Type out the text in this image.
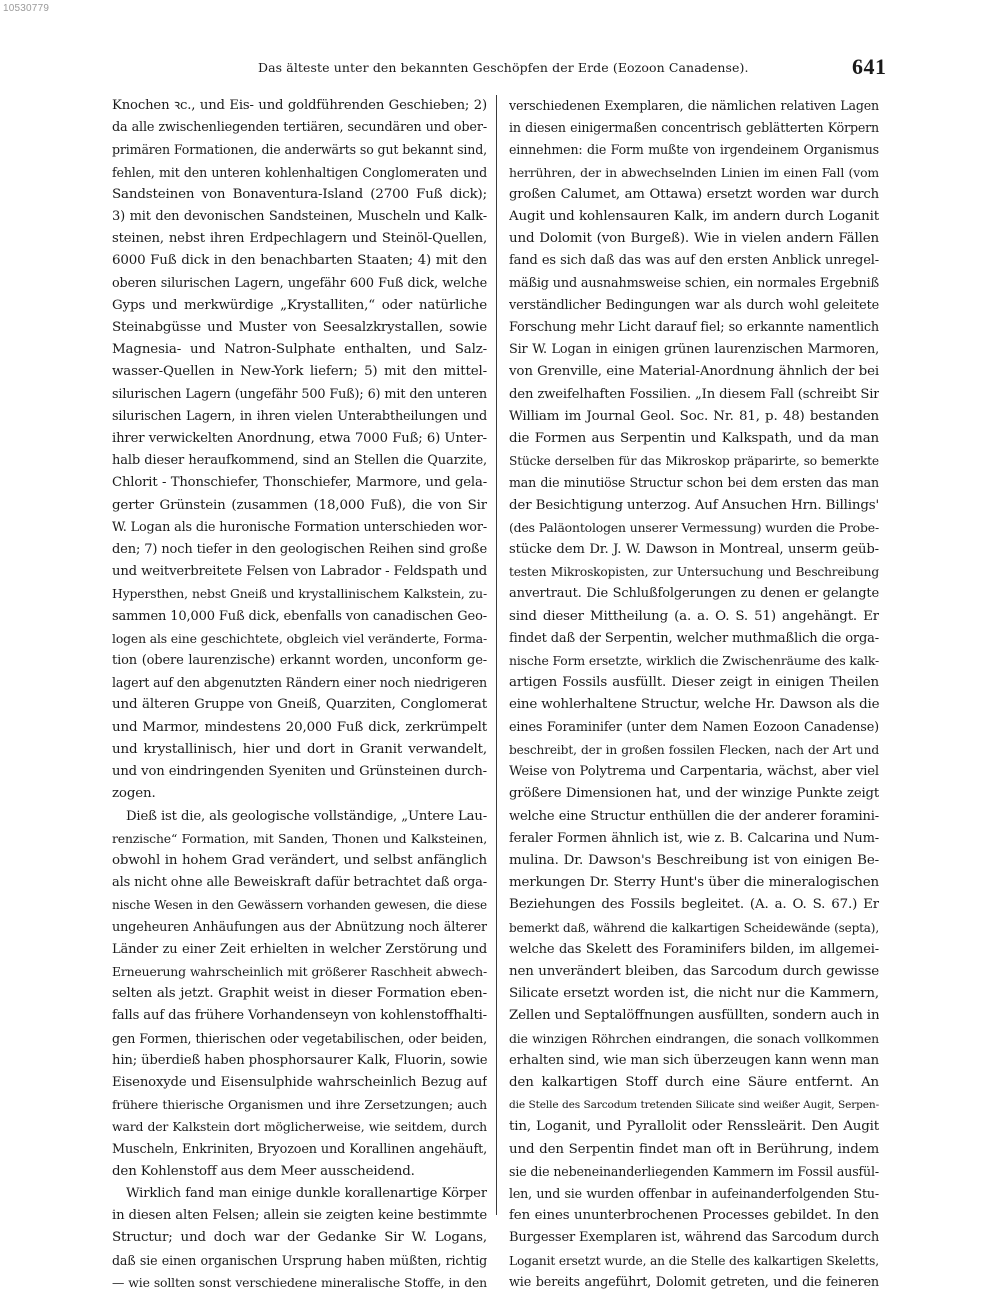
10530779
Das älteste unter den bekannten Geschöpfen der Erde (Eozoon Canadense).	641
Knochen ꝛc., und Eis- und goldführenden Geschieben; 2)
da alle zwischenliegenden tertiären, secundären und ober-
primären Formationen, die anderwärts so gut bekannt sind,
fehlen, mit den unteren kohlenhaltigen Conglomeraten und
Sandsteinen von Bonaventura-Island (2700 Fuß dick);
3) mit den devonischen Sandsteinen, Muscheln und Kalk-
steinen, nebst ihren Erdpechlagern und Steinöl-Quellen,
6000 Fuß dick in den benachbarten Staaten; 4) mit den
oberen silurischen Lagern, ungefähr 600 Fuß dick, welche
Gyps und merkwürdige „Krystalliten,“ oder natürliche
Steinabgüsse und Muster von Seesalzkrystallen, sowie
Magnesia- und Natron-Sulphate enthalten, und Salz-
wasser-Quellen in New-York liefern; 5) mit den mittel-
silurischen Lagern (ungefähr 500 Fuß); 6) mit den unteren
silurischen Lagern, in ihren vielen Unterabtheilungen und
ihrer verwickelten Anordnung, etwa 7000 Fuß; 6) Unter-
halb dieser heraufkommend, sind an Stellen die Quarzite,
Chlorit - Thonschiefer, Thonschiefer, Marmore, und gela-
gerter Grünstein (zusammen (18,000 Fuß), die von Sir
W. Logan als die huronische Formation unterschieden wor-
den; 7) noch tiefer in den geologischen Reihen sind große
und weitverbreitete Felsen von Labrador - Feldspath und
Hypersthen, nebst Gneiß und krystallinischem Kalkstein, zu-
sammen 10,000 Fuß dick, ebenfalls von canadischen Geo-
logen als eine geschichtete, obgleich viel veränderte, Forma-
tion (obere laurenzische) erkannt worden, unconform ge-
lagert auf den abgenutzten Rändern einer noch niedrigeren
und älteren Gruppe von Gneiß, Quarziten, Conglomerat
und Marmor, mindestens 20,000 Fuß dick, zerkrümpelt
und krystallinisch, hier und dort in Granit verwandelt,
und von eindringenden Syeniten und Grünsteinen durch-
zogen.
Dieß ist die, als geologische vollständige, „Untere Lau-
renzische“ Formation, mit Sanden, Thonen und Kalksteinen,
obwohl in hohem Grad verändert, und selbst anfänglich
als nicht ohne alle Beweiskraft dafür betrachtet daß orga-
nische Wesen in den Gewässern vorhanden gewesen, die diese
ungeheuren Anhäufungen aus der Abnützung noch älterer
Länder zu einer Zeit erhielten in welcher Zerstörung und
Erneuerung wahrscheinlich mit größerer Raschheit abwech-
selten als jetzt. Graphit weist in dieser Formation eben-
falls auf das frühere Vorhandenseyn von kohlenstoffhalti-
gen Formen, thierischen oder vegetabilischen, oder beiden,
hin; überdieß haben phosphorsaurer Kalk, Fluorin, sowie
Eisenoxyde und Eisensulphide wahrscheinlich Bezug auf
frühere thierische Organismen und ihre Zersetzungen; auch
ward der Kalkstein dort möglicherweise, wie seitdem, durch
Muscheln, Enkriniten, Bryozoen und Korallinen angehäuft,
den Kohlenstoff aus dem Meer ausscheidend.
Wirklich fand man einige dunkle korallenartige Körper
in diesen alten Felsen; allein sie zeigten keine bestimmte
Structur; und doch war der Gedanke Sir W. Logans,
daß sie einen organischen Ursprung haben müßten, richtig
— wie sollten sonst verschiedene mineralische Stoffe, in den
verschiedenen Exemplaren, die nämlichen relativen Lagen
in diesen einigermaßen concentrisch geblätterten Körpern
einnehmen: die Form mußte von irgendeinem Organismus
herrühren, der in abwechselnden Linien im einen Fall (vom
großen Calumet, am Ottawa) ersetzt worden war durch
Augit und kohlensauren Kalk, im andern durch Loganit
und Dolomit (von Burgeß). Wie in vielen andern Fällen
fand es sich daß das was auf den ersten Anblick unregel-
mäßig und ausnahmsweise schien, ein normales Ergebniß
verständlicher Bedingungen war als durch wohl geleitete
Forschung mehr Licht darauf fiel; so erkannte namentlich
Sir W. Logan in einigen grünen laurenzischen Marmoren,
von Grenville, eine Material-Anordnung ähnlich der bei
den zweifelhaften Fossilien. „In diesem Fall (schreibt Sir
William im Journal Geol. Soc. Nr. 81, p. 48) bestanden
die Formen aus Serpentin und Kalkspath, und da man
Stücke derselben für das Mikroskop präparirte, so bemerkte
man die minutiöse Structur schon bei dem ersten das man
der Besichtigung unterzog. Auf Ansuchen Hrn. Billings'
(des Paläontologen unserer Vermessung) wurden die Probe-
stücke dem Dr. J. W. Dawson in Montreal, unserm geüb-
testen Mikroskopisten, zur Untersuchung und Beschreibung
anvertraut. Die Schlußfolgerungen zu denen er gelangte
sind dieser Mittheilung (a. a. O. S. 51) angehängt. Er
findet daß der Serpentin, welcher muthmaßlich die orga-
nische Form ersetzte, wirklich die Zwischenräume des kalk-
artigen Fossils ausfüllt. Dieser zeigt in einigen Theilen
eine wohlerhaltene Structur, welche Hr. Dawson als die
eines Foraminifer (unter dem Namen Eozoon Canadense)
beschreibt, der in großen fossilen Flecken, nach der Art und
Weise von Polytrema und Carpentaria, wächst, aber viel
größere Dimensionen hat, und der winzige Punkte zeigt
welche eine Structur enthüllen die der anderer foramini-
feraler Formen ähnlich ist, wie z. B. Calcarina und Num-
mulina. Dr. Dawson's Beschreibung ist von einigen Be-
merkungen Dr. Sterry Hunt's über die mineralogischen
Beziehungen des Fossils begleitet. (A. a. O. S. 67.) Er
bemerkt daß, während die kalkartigen Scheidewände (septa),
welche das Skelett des Foraminifers bilden, im allgemei-
nen unverändert bleiben, das Sarcodum durch gewisse
Silicate ersetzt worden ist, die nicht nur die Kammern,
Zellen und Septalöffnungen ausfüllten, sondern auch in
die winzigen Röhrchen eindrangen, die sonach vollkommen
erhalten sind, wie man sich überzeugen kann wenn man
den kalkartigen Stoff durch eine Säure entfernt. An
die Stelle des Sarcodum tretenden Silicate sind weißer Augit, Serpen-
tin, Loganit, und Pyrallolit oder Renssleärit. Den Augit
und den Serpentin findet man oft in Berührung, indem
sie die nebeneinanderliegenden Kammern im Fossil ausfül-
len, und sie wurden offenbar in aufeinanderfolgenden Stu-
fen eines ununterbrochenen Processes gebildet. In den
Burgesser Exemplaren ist, während das Sarcodum durch
Loganit ersetzt wurde, an die Stelle des kalkartigen Skeletts,
wie bereits angeführt, Dolomit getreten, und die feineren
